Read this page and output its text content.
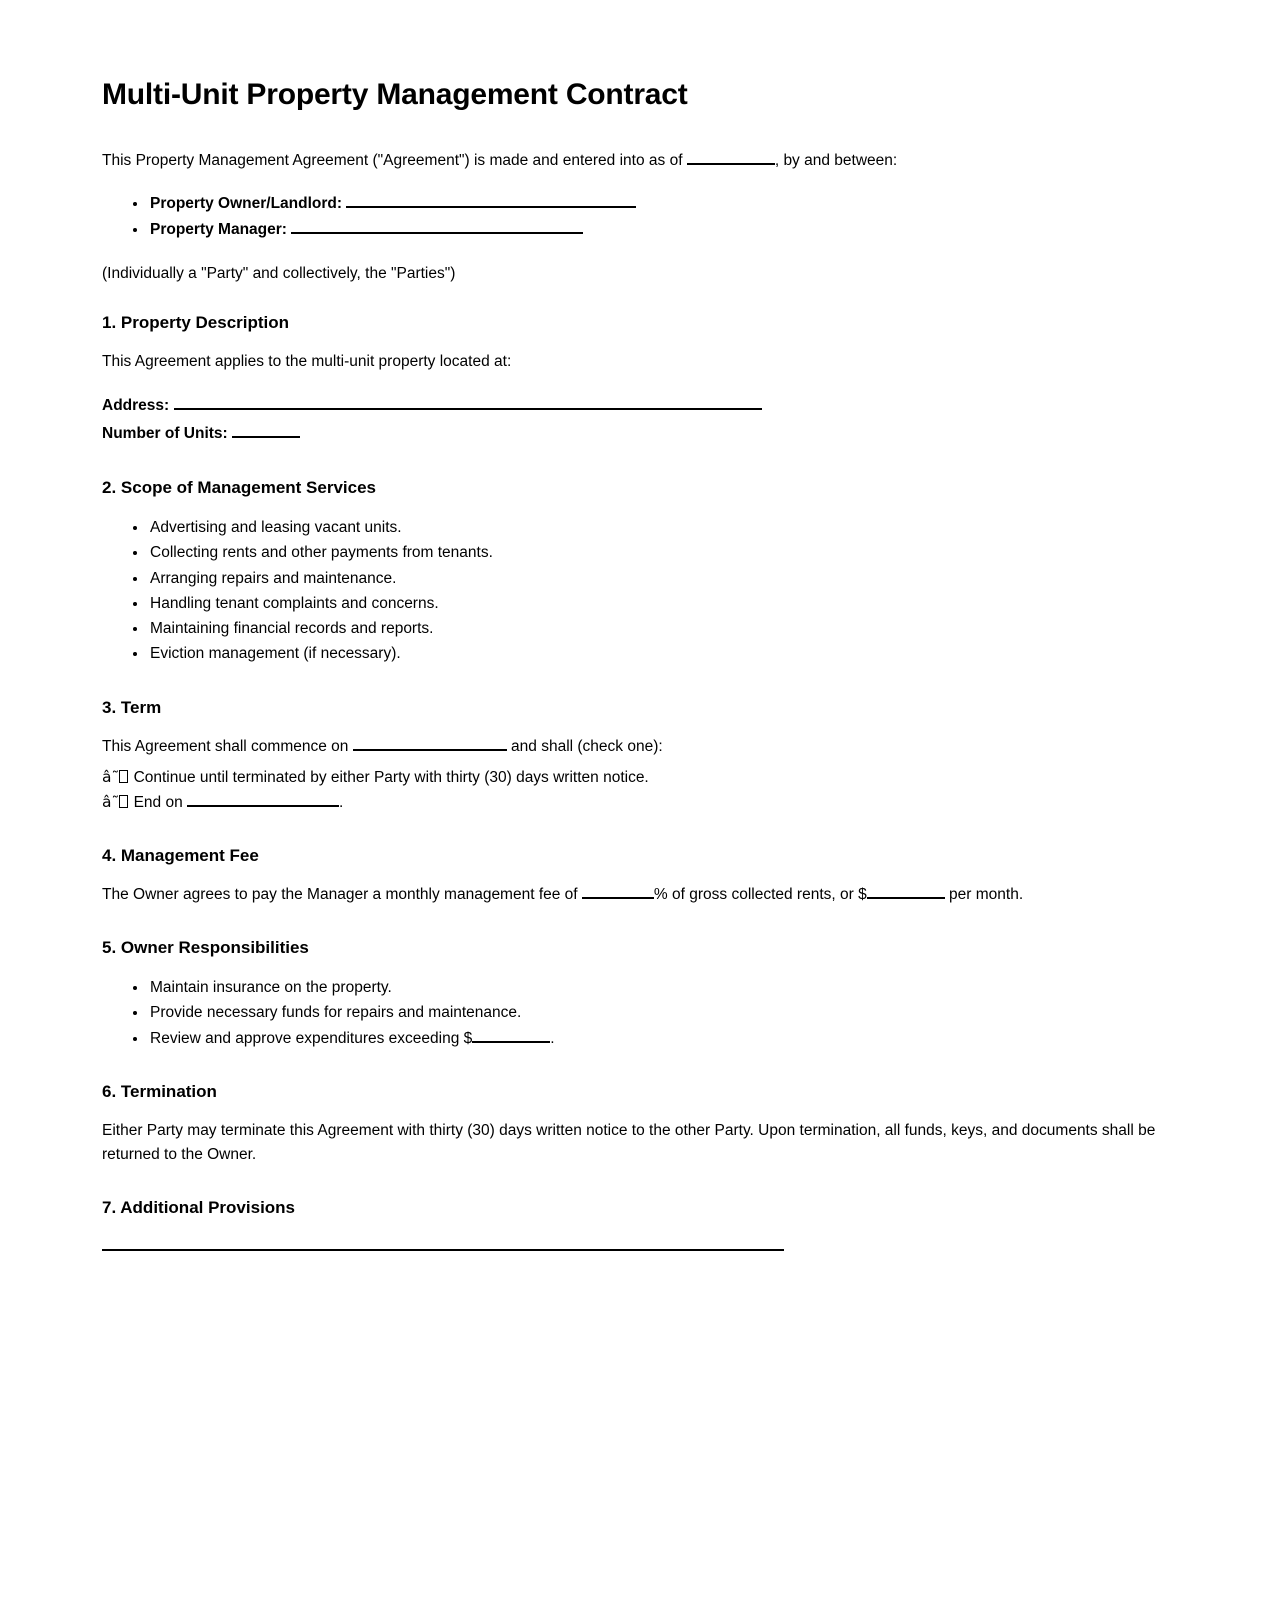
Multi-Unit Property Management Contract

This Property Management Agreement ("Agreement") is made and entered into as of	, by and between:

• Property Owner/Landlord:
• Property Manager:

(Individually a "Party" and collectively, the "Parties")

1. Property Description

This Agreement applies to the multi-unit property located at:

Address:
Number of Units:
2. Scope of Management Services
• Advertising and leasing vacant units.
• Collecting rents and other payments from tenants.
• Arranging repairs and maintenance.
• Handling tenant complaints and concerns.
• Maintaining financial records and reports.
• Eviction management (if necessary).
3. Term

This Agreement shall commence on	and shall (check one):

â˜ Continue until terminated by either Party with thirty (30) days written notice.

â˜ End on	.

4. Management Fee

The Owner agrees to pay the Manager a monthly management fee of	% of gross collected rents, or $	per month.

5. Owner Responsibilities
• Maintain insurance on the property.
• Provide necessary funds for repairs and maintenance.
• Review and approve expenditures exceeding $	.
6. Termination

Either Party may terminate this Agreement with thirty (30) days written notice to the other Party. Upon termination, all funds, keys, and documents shall be returned to the Owner.

7. Additional Provisions
